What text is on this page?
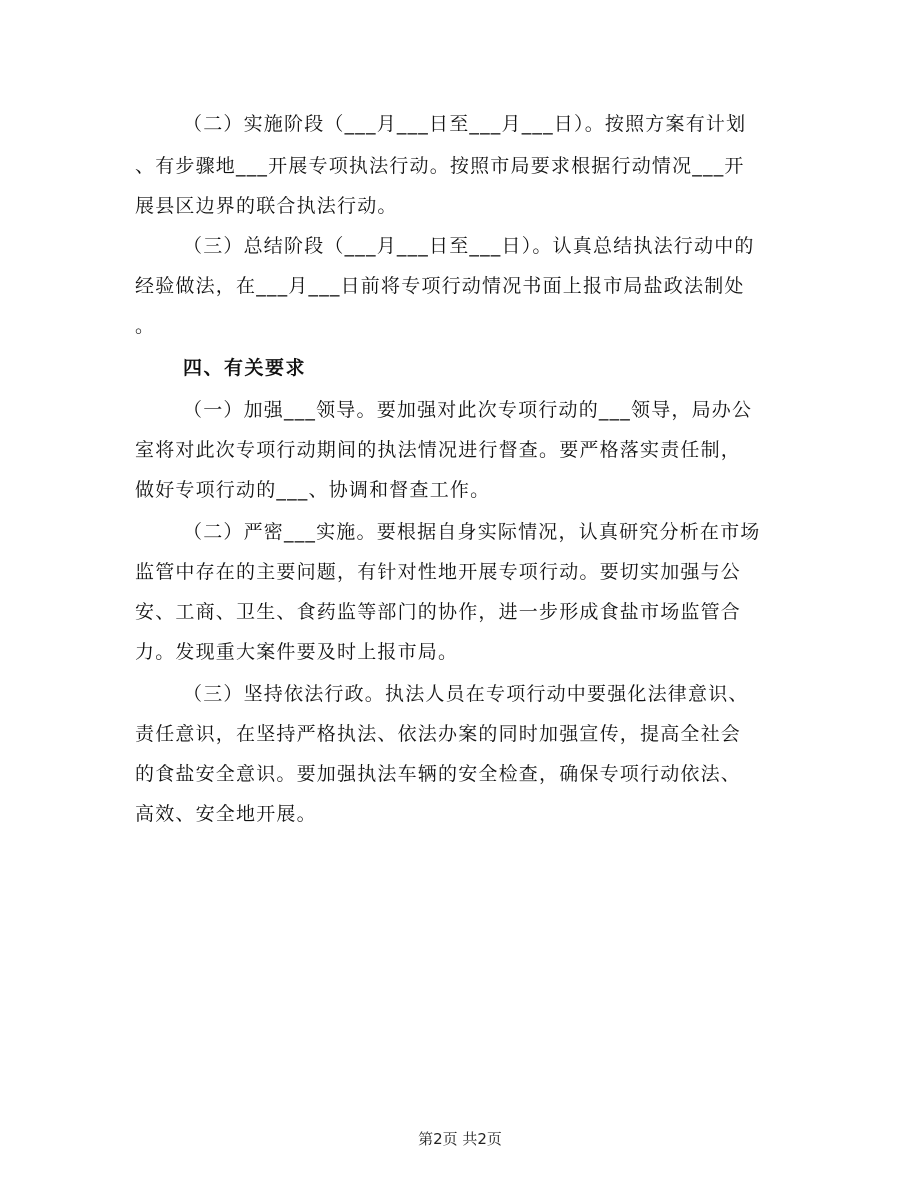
（二）实施阶段（___月___日至___月___日）。按照方案有计划
、有步骤地___开展专项执法行动。按照市局要求根据行动情况___开
展县区边界的联合执法行动。
（三）总结阶段（___月___日至___日）。认真总结执法行动中的
经验做法，在___月___日前将专项行动情况书面上报市局盐政法制处
。
四、有关要求
（一）加强___领导。要加强对此次专项行动的___领导，局办公
室将对此次专项行动期间的执法情况进行督查。要严格落实责任制，
做好专项行动的___、协调和督查工作。
（二）严密___实施。要根据自身实际情况，认真研究分析在市场
监管中存在的主要问题，有针对性地开展专项行动。要切实加强与公
安、工商、卫生、食药监等部门的协作，进一步形成食盐市场监管合
力。发现重大案件要及时上报市局。
（三）坚持依法行政。执法人员在专项行动中要强化法律意识、
责任意识，在坚持严格执法、依法办案的同时加强宣传，提高全社会
的食盐安全意识。要加强执法车辆的安全检查，确保专项行动依法、
高效、安全地开展。
第2页 共2页
